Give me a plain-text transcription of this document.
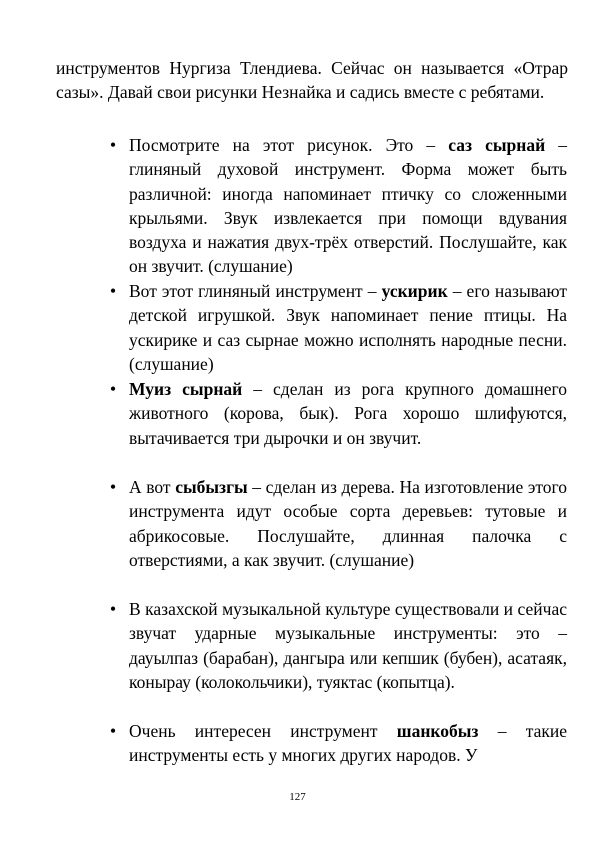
инструментов Нургиза Тлендиева. Сейчас он называется «Отрар сазы». Давай свои рисунки Незнайка и садись вместе с ребятами.

• Посмотрите на этот рисунок. Это – саз сырнай – глиняный духовой инструмент. Форма может быть различной: иногда напоминает птичку со сложенными крыльями. Звук извлекается при помощи вдувания воздуха и нажатия двух-трёх отверстий. Послушайте, как он звучит. (слушание)
• Вот этот глиняный инструмент – ускирик – его называют детской игрушкой. Звук напоминает пение птицы. На ускирике и саз сырнае можно исполнять народные песни. (слушание)
• Муиз сырнай – сделан из рога крупного домашнего животного (корова, бык). Рога хорошо шлифуются, вытачивается три дырочки и он звучит.
• А вот сыбызгы – сделан из дерева. На изготовление этого инструмента идут особые сорта деревьев: тутовые и абрикосовые. Послушайте, длинная палочка с отверстиями, а как звучит. (слушание)
• В казахской музыкальной культуре существовали и сейчас звучат ударные музыкальные инструменты: это – дауылпаз (барабан), дангыра или кепшик (бубен), асатаяк, конырау (колокольчики), туяктас (копытца).
• Очень интересен инструмент шанкобыз – такие инструменты есть у многих других народов. У
127
